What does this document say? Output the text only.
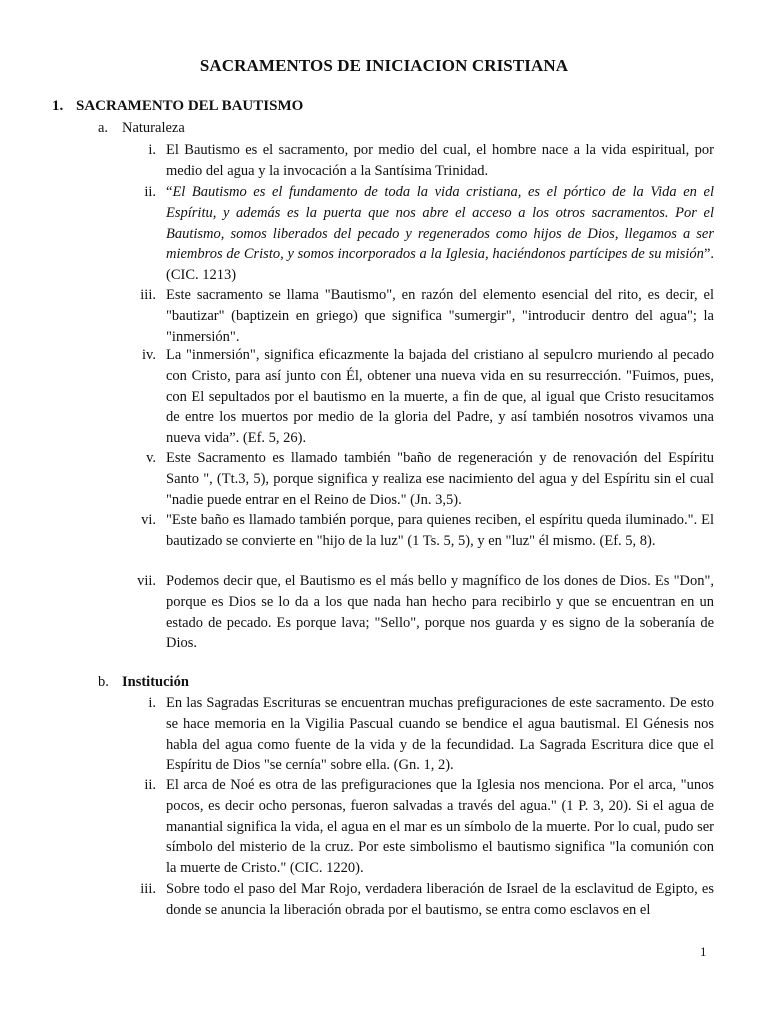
SACRAMENTOS DE INICIACION CRISTIANA
1. SACRAMENTO DEL BAUTISMO
a. Naturaleza
i. El Bautismo es el sacramento, por medio del cual, el hombre nace a la vida espiritual, por medio del agua y la invocación a la Santísima Trinidad.
ii. “El Bautismo es el fundamento de toda la vida cristiana, es el pórtico de la Vida en el Espíritu, y además es la puerta que nos abre el acceso a los otros sacramentos. Por el Bautismo, somos liberados del pecado y regenerados como hijos de Dios, llegamos a ser miembros de Cristo, y somos incorporados a la Iglesia, haciéndonos partícipes de su misión”. (CIC. 1213)
iii. Este sacramento se llama "Bautismo", en razón del elemento esencial del rito, es decir, el "bautizar" (baptizein en griego) que significa "sumergir", "introducir dentro del agua"; la "inmersión".
iv. La "inmersión", significa eficazmente la bajada del cristiano al sepulcro muriendo al pecado con Cristo, para así junto con Él, obtener una nueva vida en su resurrección. "Fuimos, pues, con El sepultados por el bautismo en la muerte, a fin de que, al igual que Cristo resucitamos de entre los muertos por medio de la gloria del Padre, y así también nosotros vivamos una nueva vida”. (Ef. 5, 26).
v. Este Sacramento es llamado también "baño de regeneración y de renovación del Espíritu Santo ", (Tt.3, 5), porque significa y realiza ese nacimiento del agua y del Espíritu sin el cual "nadie puede entrar en el Reino de Dios." (Jn. 3,5).
vi. "Este baño es llamado también porque, para quienes reciben, el espíritu queda iluminado.". El bautizado se convierte en "hijo de la luz" (1 Ts. 5, 5), y en "luz" él mismo. (Ef. 5, 8).
vii. Podemos decir que, el Bautismo es el más bello y magnífico de los dones de Dios. Es "Don", porque es Dios se lo da a los que nada han hecho para recibirlo y que se encuentran en un estado de pecado. Es porque lava; "Sello", porque nos guarda y es signo de la soberanía de Dios.
b. Institución
i. En las Sagradas Escrituras se encuentran muchas prefiguraciones de este sacramento. De esto se hace memoria en la Vigilia Pascual cuando se bendice el agua bautismal. El Génesis nos habla del agua como fuente de la vida y de la fecundidad. La Sagrada Escritura dice que el Espíritu de Dios "se cernía" sobre ella. (Gn. 1, 2).
ii. El arca de Noé es otra de las prefiguraciones que la Iglesia nos menciona. Por el arca, "unos pocos, es decir ocho personas, fueron salvadas a través del agua." (1 P. 3, 20). Si el agua de manantial significa la vida, el agua en el mar es un símbolo de la muerte. Por lo cual, pudo ser símbolo del misterio de la cruz. Por este simbolismo el bautismo significa "la comunión con la muerte de Cristo." (CIC. 1220).
iii. Sobre todo el paso del Mar Rojo, verdadera liberación de Israel de la esclavitud de Egipto, es donde se anuncia la liberación obrada por el bautismo, se entra como esclavos en el
1
